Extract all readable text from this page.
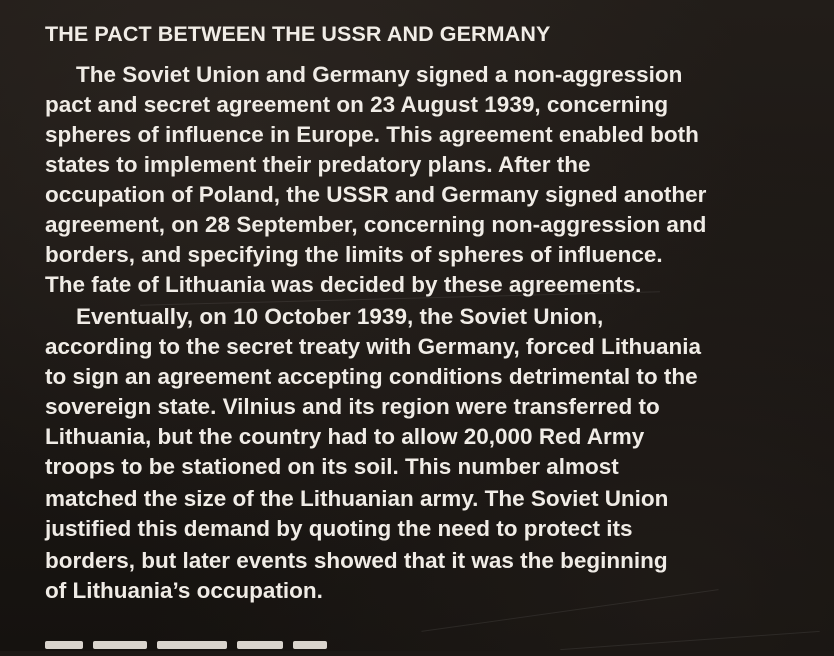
THE PACT BETWEEN THE USSR AND GERMANY

The Soviet Union and Germany signed a non-aggression

pact and secret agreement on 23 August 1939, concerning

spheres of influence in Europe. This agreement enabled both

states to implement their predatory plans. After the

occupation of Poland, the USSR and Germany signed another

agreement, on 28 September, concerning non-aggression and

borders, and specifying the limits of spheres of influence.

The fate of Lithuania was decided by these agreements.

Eventually, on 10 October 1939, the Soviet Union,

according to the secret treaty with Germany, forced Lithuania

to sign an agreement accepting conditions detrimental to the

sovereign state. Vilnius and its region were transferred to

Lithuania, but the country had to allow 20,000 Red Army

troops to be stationed on its soil. This number almost

matched the size of the Lithuanian army. The Soviet Union

justified this demand by quoting the need to protect its

borders, but later events showed that it was the beginning

of Lithuania’s occupation.
